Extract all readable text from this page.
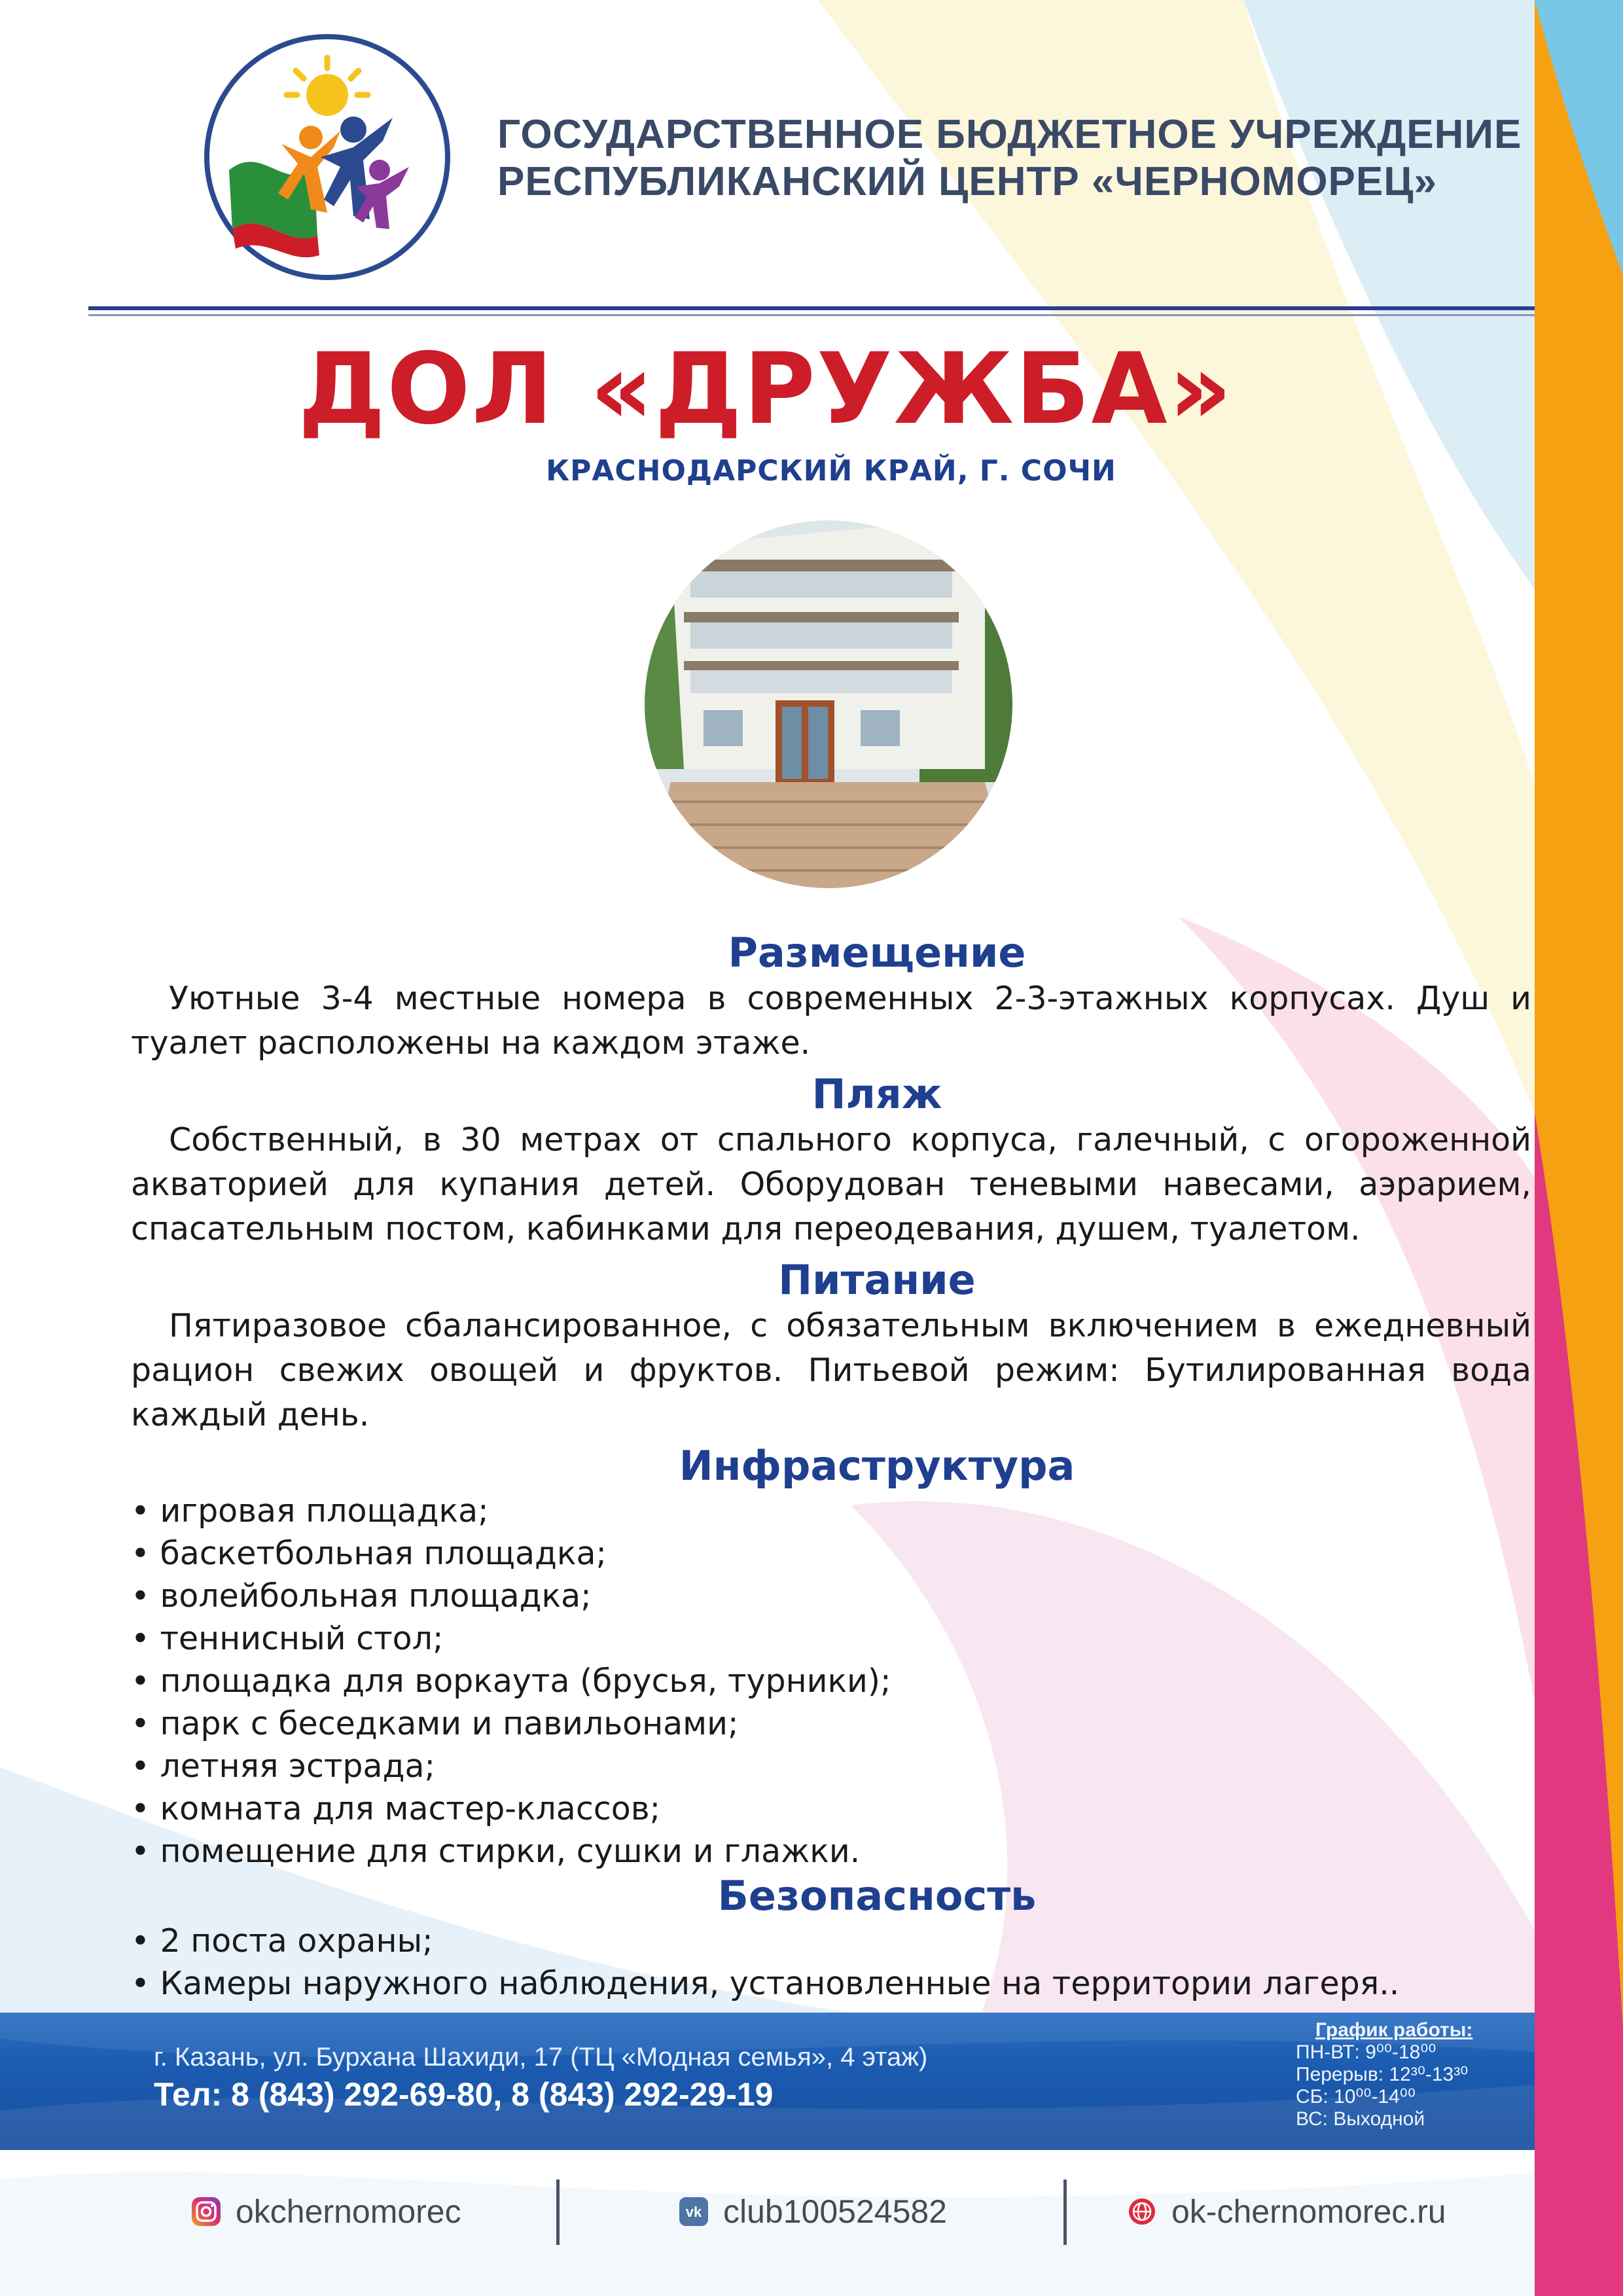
ГОСУДАРСТВЕННОЕ БЮДЖЕТНОЕ УЧРЕЖДЕНИЕ
РЕСПУБЛИКАНСКИЙ ЦЕНТР «ЧЕРНОМОРЕЦ»
ДОЛ «ДРУЖБА»
КРАСНОДАРСКИЙ КРАЙ, Г. СОЧИ
Размещение

Уютные 3-4 местные номера в современных 2-3-этажных корпусах. Душ и туалет расположены на каждом этаже.

Пляж

Собственный, в 30 метрах от спального корпуса, галечный, с огороженной акваторией для купания детей. Оборудован теневыми навесами, аэрарием, спасательным постом, кабинками для переодевания, душем, туалетом.

Питание

Пятиразовое сбалансированное, с обязательным включением в ежедневный рацион свежих овощей и фруктов. Питьевой режим: Бутилированная вода каждый день.

Инфраструктура
• игровая площадка;
• баскетбольная площадка;
• волейбольная площадка;
• теннисный стол;
• площадка для воркаута (брусья, турники);
• парк с беседками и павильонами;
• летняя эстрада;
• комната для мастер-классов;
• помещение для стирки, сушки и глажки.
Безопасность
• 2 поста охраны;
• Камеры наружного наблюдения, установленные на территории лагеря..
г. Казань, ул. Бурхана Шахиди, 17 (ТЦ «Модная семья», 4 этаж)
Тел: 8 (843) 292-69-80, 8 (843) 292-29-19
График работы:
ПН-ВТ: 9⁰⁰-18⁰⁰
Перерыв: 12³⁰-13³⁰
СБ: 10⁰⁰-14⁰⁰
ВС: Выходной
okchernomorec	vk club100524582	ok-chernomorec.ru
